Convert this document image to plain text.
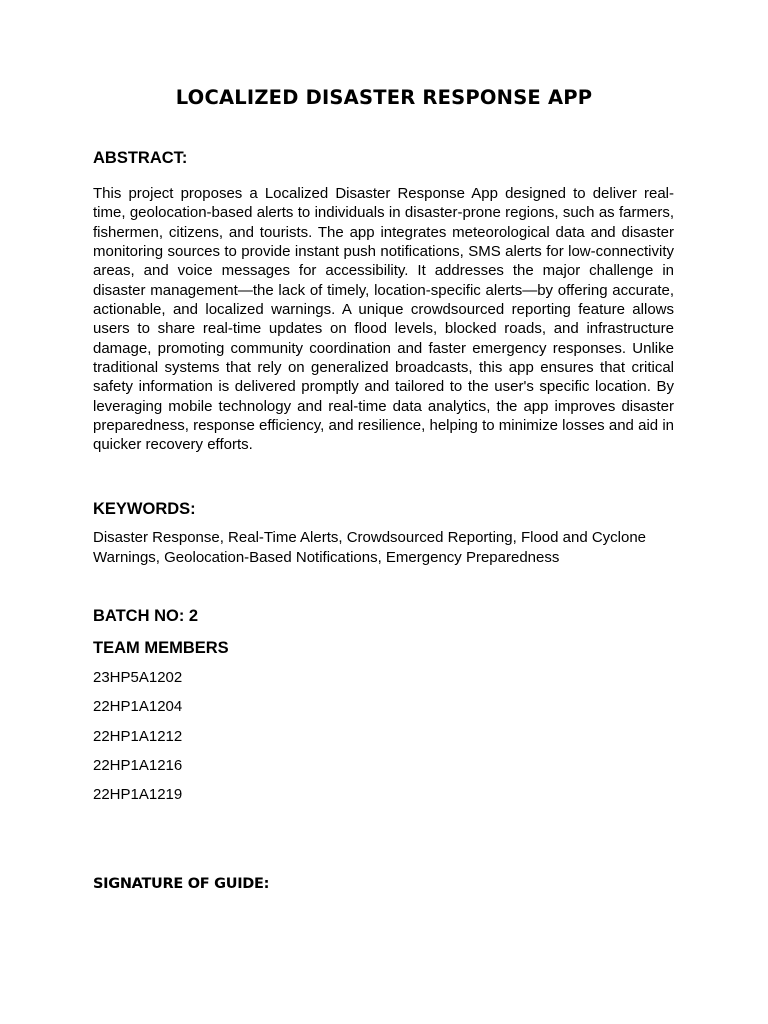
LOCALIZED DISASTER RESPONSE APP
ABSTRACT:
This project proposes a Localized Disaster Response App designed to deliver real-time, geolocation-based alerts to individuals in disaster-prone regions, such as farmers, fishermen, citizens, and tourists. The app integrates meteorological data and disaster monitoring sources to provide instant push notifications, SMS alerts for low-connectivity areas, and voice messages for accessibility. It addresses the major challenge in disaster management—the lack of timely, location-specific alerts—by offering accurate, actionable, and localized warnings. A unique crowdsourced reporting feature allows users to share real-time updates on flood levels, blocked roads, and infrastructure damage, promoting community coordination and faster emergency responses. Unlike traditional systems that rely on generalized broadcasts, this app ensures that critical safety information is delivered promptly and tailored to the user's specific location. By leveraging mobile technology and real-time data analytics, the app improves disaster preparedness, response efficiency, and resilience, helping to minimize losses and aid in quicker recovery efforts.
KEYWORDS:
Disaster Response, Real-Time Alerts, Crowdsourced Reporting, Flood and Cyclone Warnings, Geolocation-Based Notifications, Emergency Preparedness
BATCH NO: 2
TEAM MEMBERS
23HP5A1202
22HP1A1204
22HP1A1212
22HP1A1216
22HP1A1219
SIGNATURE OF GUIDE:
